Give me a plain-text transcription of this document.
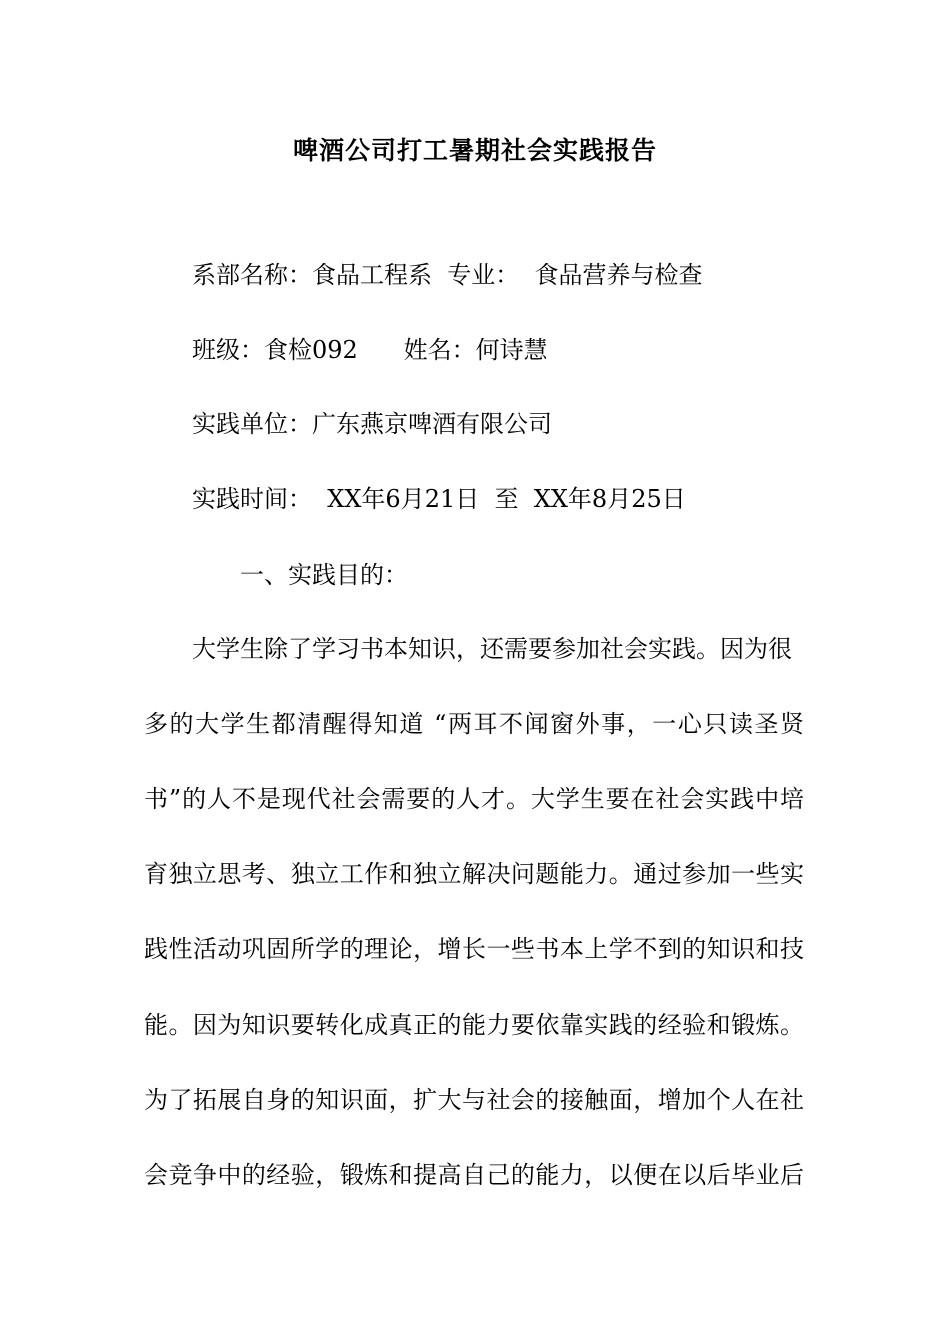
啤酒公司打工暑期社会实践报告
系部名称：食品工程系  专业：  食品营养与检查
班级：食检092      姓名：何诗慧
实践单位：广东燕京啤酒有限公司
实践时间：  XX年6月21日  至  XX年8月25日
一、实践目的：
大学生除了学习书本知识，还需要参加社会实践。因为很
多的大学生都清醒得知道 “两耳不闻窗外事，一心只读圣贤
书”的人不是现代社会需要的人才。大学生要在社会实践中培
育独立思考、独立工作和独立解决问题能力。通过参加一些实
践性活动巩固所学的理论，增长一些书本上学不到的知识和技
能。因为知识要转化成真正的能力要依靠实践的经验和锻炼。
为了拓展自身的知识面，扩大与社会的接触面，增加个人在社
会竞争中的经验，锻炼和提高自己的能力，以便在以后毕业后
